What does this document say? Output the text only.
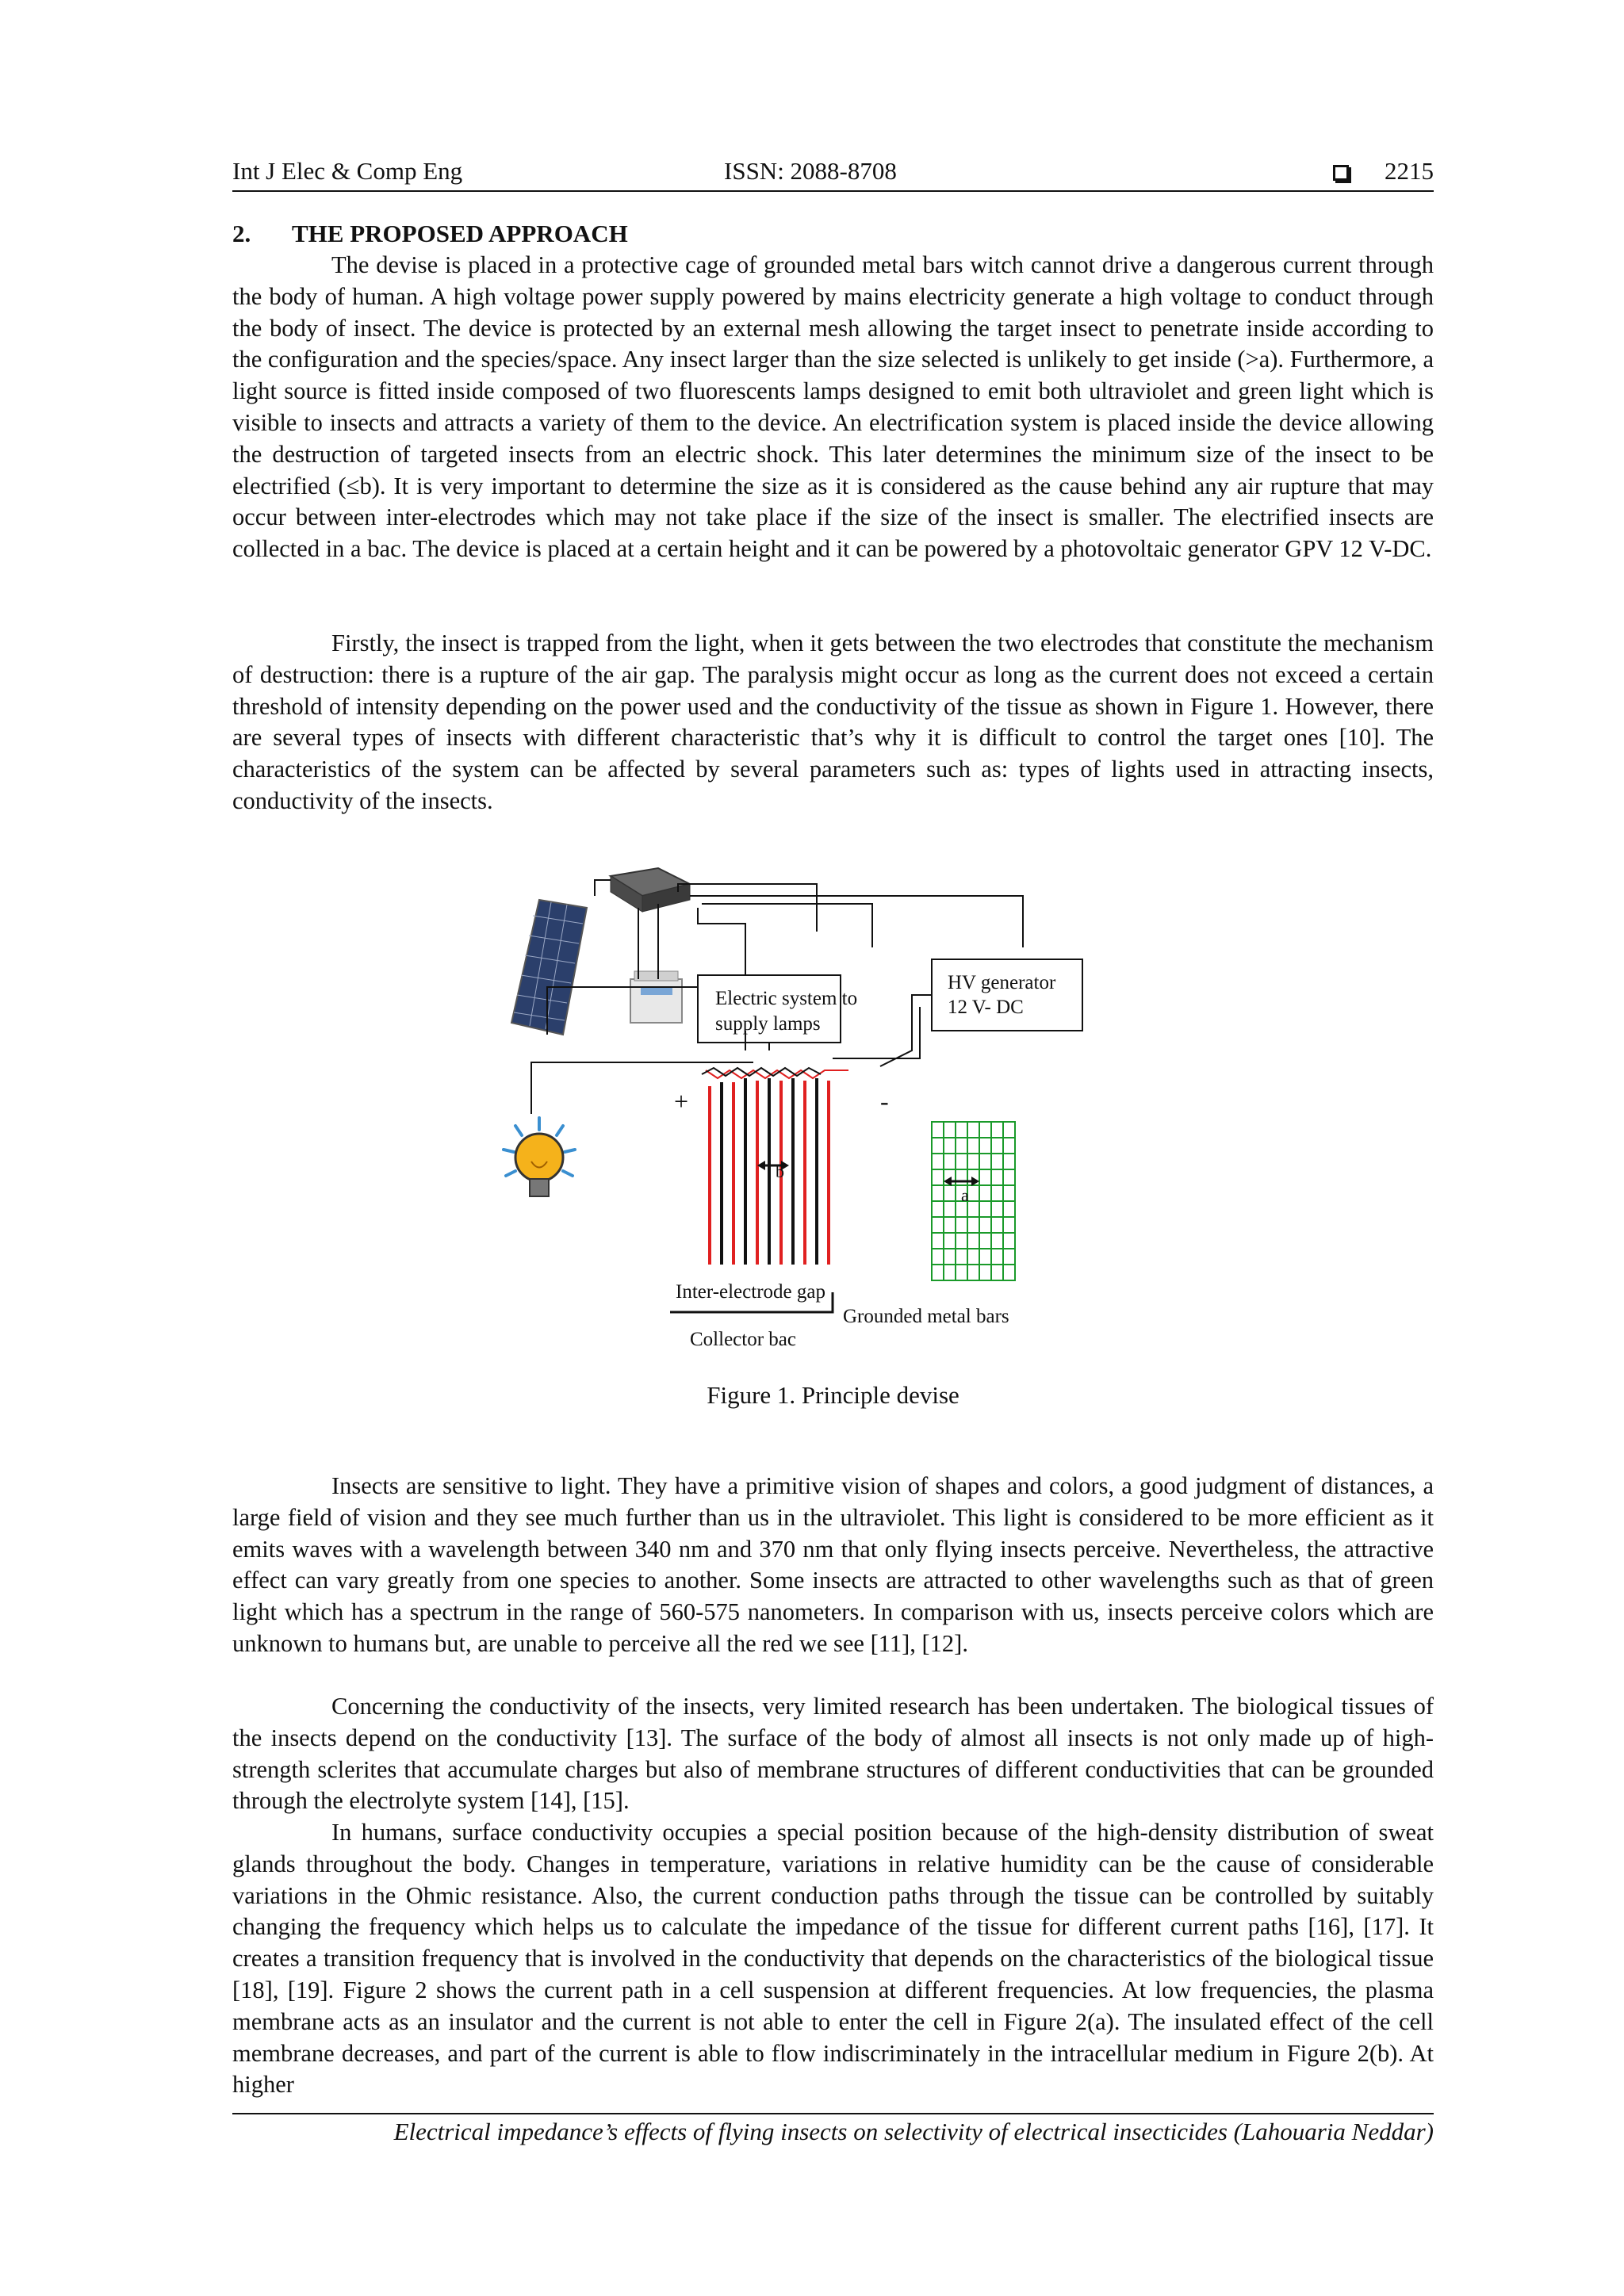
Int J Elec & Comp Eng	ISSN: 2088-8708	2215
2. THE PROPOSED APPROACH

The devise is placed in a protective cage of grounded metal bars witch cannot drive a dangerous current through the body of human. A high voltage power supply powered by mains electricity generate a high voltage to conduct through the body of insect. The device is protected by an external mesh allowing the target insect to penetrate inside according to the configuration and the species/space. Any insect larger than the size selected is unlikely to get inside (>a). Furthermore, a light source is fitted inside composed of two fluorescents lamps designed to emit both ultraviolet and green light which is visible to insects and attracts a variety of them to the device. An electrification system is placed inside the device allowing the destruction of targeted insects from an electric shock. This later determines the minimum size of the insect to be electrified (≤b). It is very important to determine the size as it is considered as the cause behind any air rupture that may occur between inter-electrodes which may not take place if the size of the insect is smaller. The electrified insects are collected in a bac. The device is placed at a certain height and it can be powered by a photovoltaic generator GPV 12 V-DC.

Firstly, the insect is trapped from the light, when it gets between the two electrodes that constitute the mechanism of destruction: there is a rupture of the air gap. The paralysis might occur as long as the current does not exceed a certain threshold of intensity depending on the power used and the conductivity of the tissue as shown in Figure 1. However, there are several types of insects with different characteristic that’s why it is difficult to control the target ones [10]. The characteristics of the system can be affected by several parameters such as: types of lights used in attracting insects, conductivity of the insects.

Electric system to
supply lamps
HV generator
12 V- DC
+	-
b
a
Inter-electrode gap
Grounded metal bars
Collector bac
Figure 1. Principle devise

Insects are sensitive to light. They have a primitive vision of shapes and colors, a good judgment of distances, a large field of vision and they see much further than us in the ultraviolet. This light is considered to be more efficient as it emits waves with a wavelength between 340 nm and 370 nm that only flying insects perceive. Nevertheless, the attractive effect can vary greatly from one species to another. Some insects are attracted to other wavelengths such as that of green light which has a spectrum in the range of 560-575 nanometers. In comparison with us, insects perceive colors which are unknown to humans but, are unable to perceive all the red we see [11], [12].

Concerning the conductivity of the insects, very limited research has been undertaken. The biological tissues of the insects depend on the conductivity [13]. The surface of the body of almost all insects is not only made up of high-strength sclerites that accumulate charges but also of membrane structures of different conductivities that can be grounded through the electrolyte system [14], [15].

In humans, surface conductivity occupies a special position because of the high-density distribution of sweat glands throughout the body. Changes in temperature, variations in relative humidity can be the cause of considerable variations in the Ohmic resistance. Also, the current conduction paths through the tissue can be controlled by suitably changing the frequency which helps us to calculate the impedance of the tissue for different current paths [16], [17]. It creates a transition frequency that is involved in the conductivity that depends on the characteristics of the biological tissue [18], [19]. Figure 2 shows the current path in a cell suspension at different frequencies. At low frequencies, the plasma membrane acts as an insulator and the current is not able to enter the cell in Figure 2(a). The insulated effect of the cell membrane decreases, and part of the current is able to flow indiscriminately in the intracellular medium in Figure 2(b). At higher

Electrical impedance’s effects of flying insects on selectivity of electrical insecticides (Lahouaria Neddar)
